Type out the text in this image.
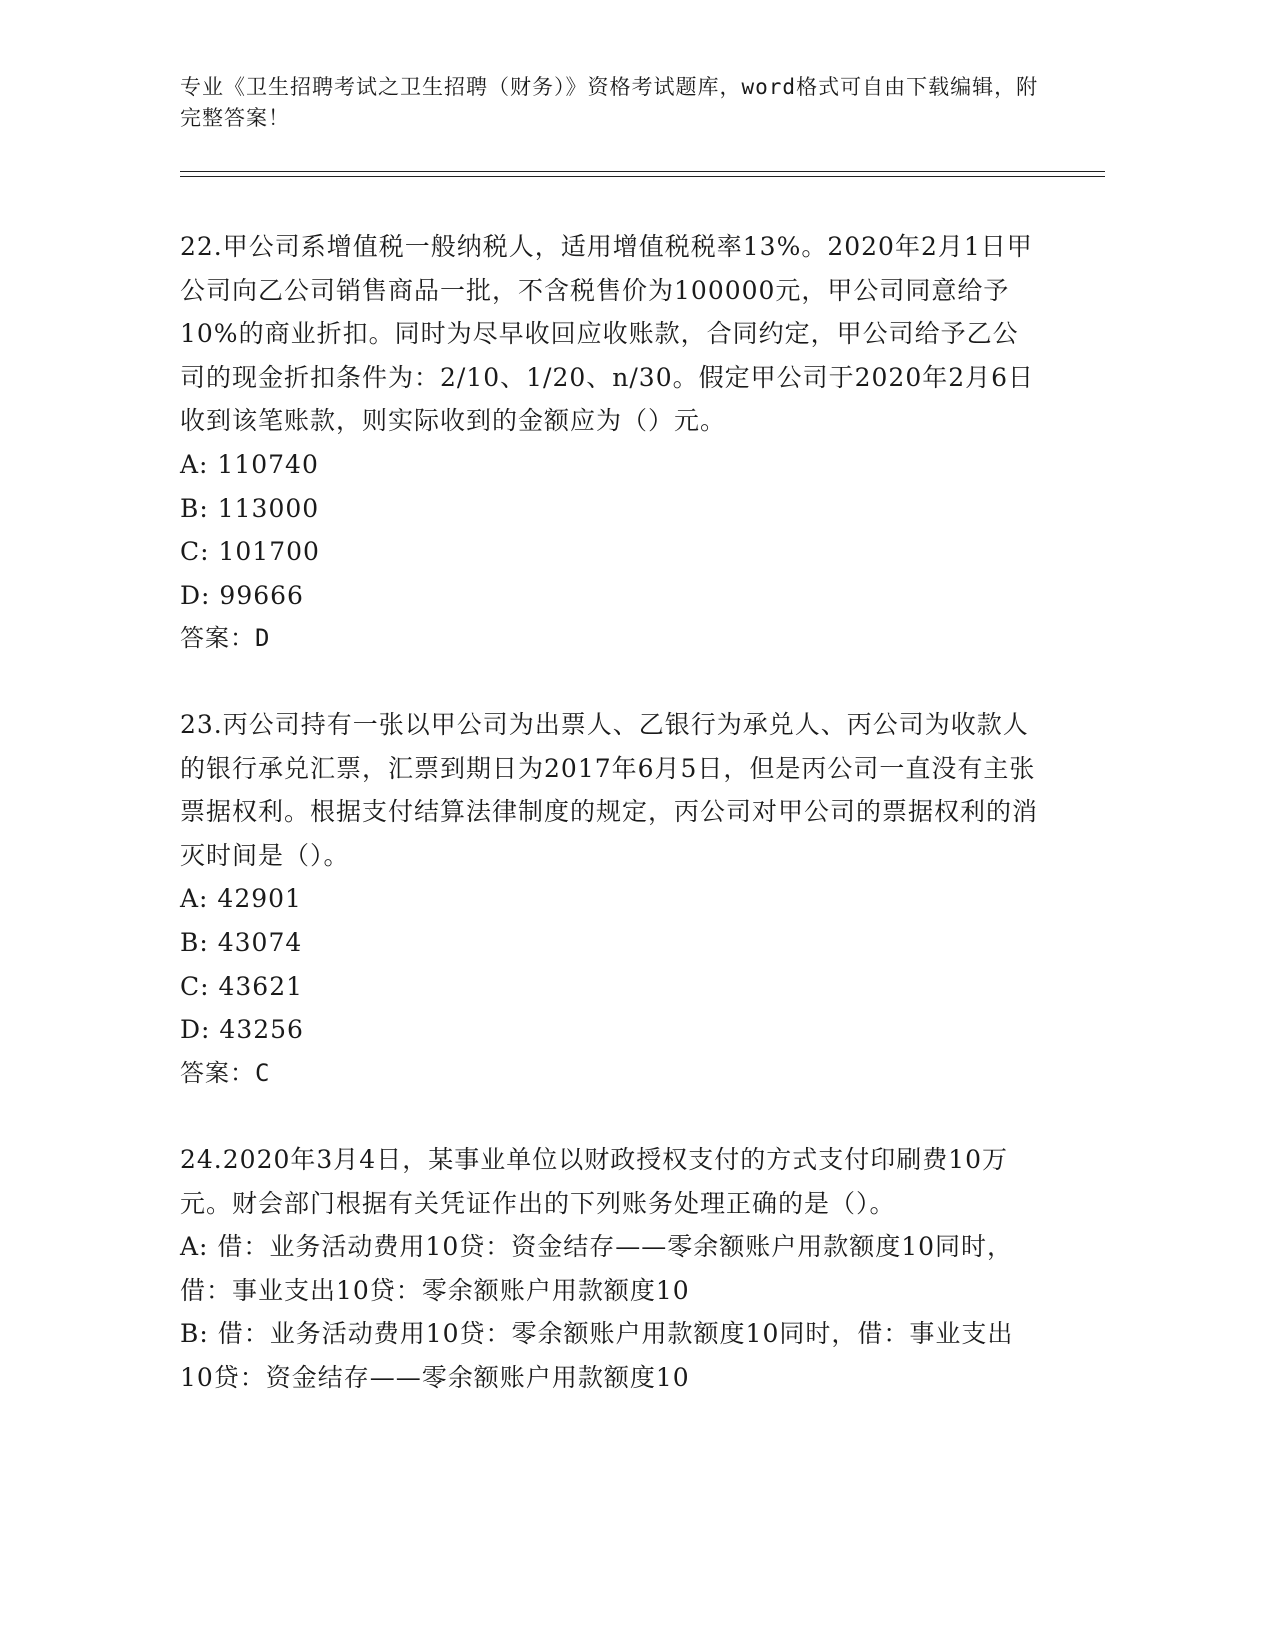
专业《卫生招聘考试之卫生招聘（财务）》资格考试题库，word格式可自由下载编辑，附完整答案！

22.甲公司系增值税一般纳税人，适用增值税税率13%。2020年2月1日甲公司向乙公司销售商品一批，不含税售价为100000元，甲公司同意给予10%的商业折扣。同时为尽早收回应收账款，合同约定，甲公司给予乙公司的现金折扣条件为：2/10、1/20、n/30。假定甲公司于2020年2月6日收到该笔账款，则实际收到的金额应为（）元。

A: 110740

B: 113000

C: 101700

D: 99666

答案：D

23.丙公司持有一张以甲公司为出票人、乙银行为承兑人、丙公司为收款人的银行承兑汇票，汇票到期日为2017年6月5日，但是丙公司一直没有主张票据权利。根据支付结算法律制度的规定，丙公司对甲公司的票据权利的消灭时间是（）。

A: 42901

B: 43074

C: 43621

D: 43256

答案：C

24.2020年3月4日，某事业单位以财政授权支付的方式支付印刷费10万元。财会部门根据有关凭证作出的下列账务处理正确的是（）。

A: 借：业务活动费用10贷：资金结存——零余额账户用款额度10同时，借：事业支出10贷：零余额账户用款额度10

B: 借：业务活动费用10贷：零余额账户用款额度10同时，借：事业支出10贷：资金结存——零余额账户用款额度10
